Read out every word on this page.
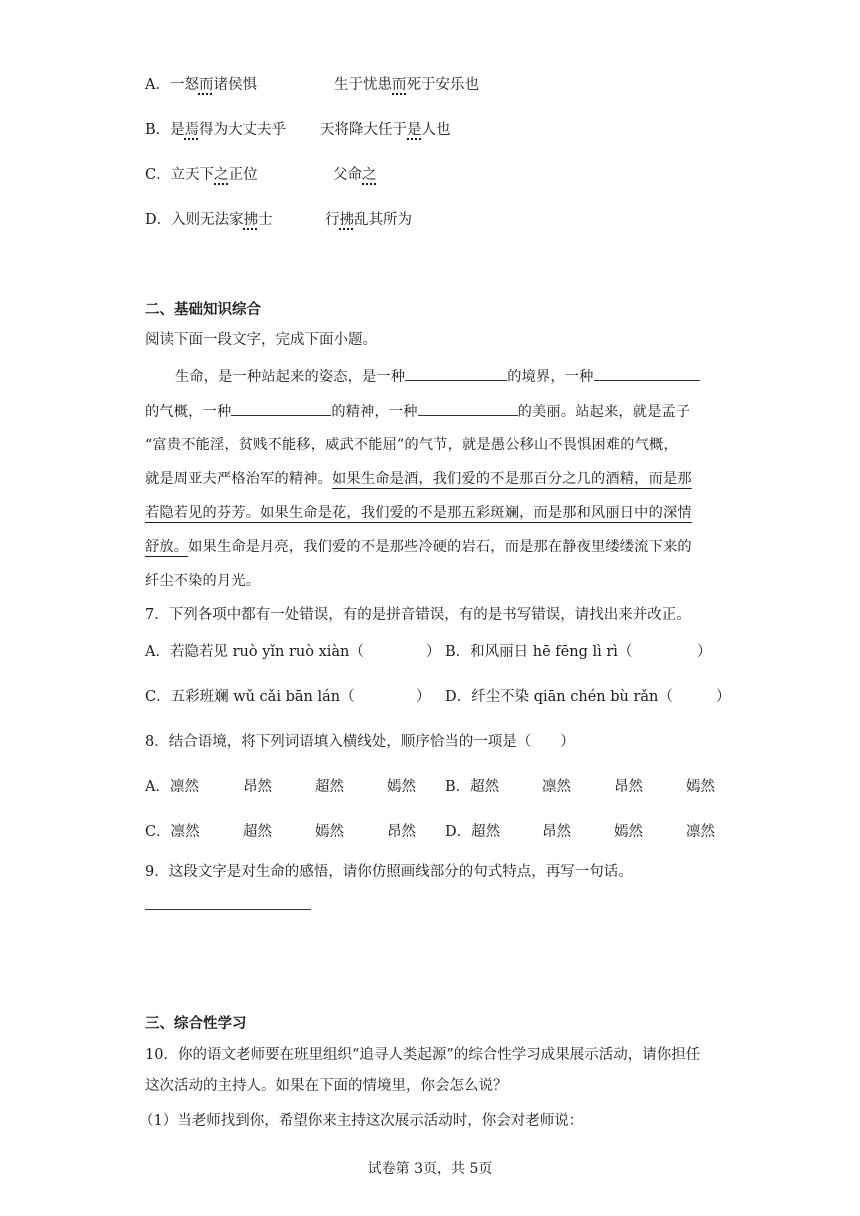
A．一怒而诸侯惧	生于忧患而死于安乐也
B．是焉得为大丈夫乎 天将降大任于是人也
C．立天下之正位	父命之
D．入则无法家拂士	行拂乱其所为
二、基础知识综合
阅读下面一段文字，完成下面小题。
生命，是一种站起来的姿态，是一种	的境界，一种
的气概，一种	的精神，一种	的美丽。站起来，就是孟子
“富贵不能淫，贫贱不能移，威武不能屈”的气节，就是愚公移山不畏惧困难的气概，
就是周亚夫严格治军的精神。如果生命是酒，我们爱的不是那百分之几的酒精，而是那
若隐若见的芬芳。如果生命是花，我们爱的不是那五彩斑斓，而是那和风丽日中的深情
舒放。如果生命是月亮，我们爱的不是那些冷硬的岩石，而是那在静夜里缕缕流下来的
纤尘不染的月光。
7．下列各项中都有一处错误，有的是拼音错误，有的是书写错误，请找出来并改正。
A．若隐若见 ruò yǐn ruò xiàn（	） B．和风丽日 hē fēng lì rì（	）
C．五彩班斓 wǔ cǎi bān lán（	） D．纤尘不染 qiān chén bù rǎn（	）
8．结合语境，将下列词语填入横线处，顺序恰当的一项是（　　）
A．凛然	昂然	超然	嫣然 B．超然	凛然	昂然	嫣然
C．凛然	超然	嫣然	昂然 D．超然	昂然	嫣然	凛然
9．这段文字是对生命的感悟，请你仿照画线部分的句式特点，再写一句话。
三、综合性学习
10．你的语文老师要在班里组织“追寻人类起源”的综合性学习成果展示活动，请你担任
这次活动的主持人。如果在下面的情境里，你会怎么说？
（1）当老师找到你，希望你来主持这次展示活动时，你会对老师说：
试卷第 3页，共 5页
